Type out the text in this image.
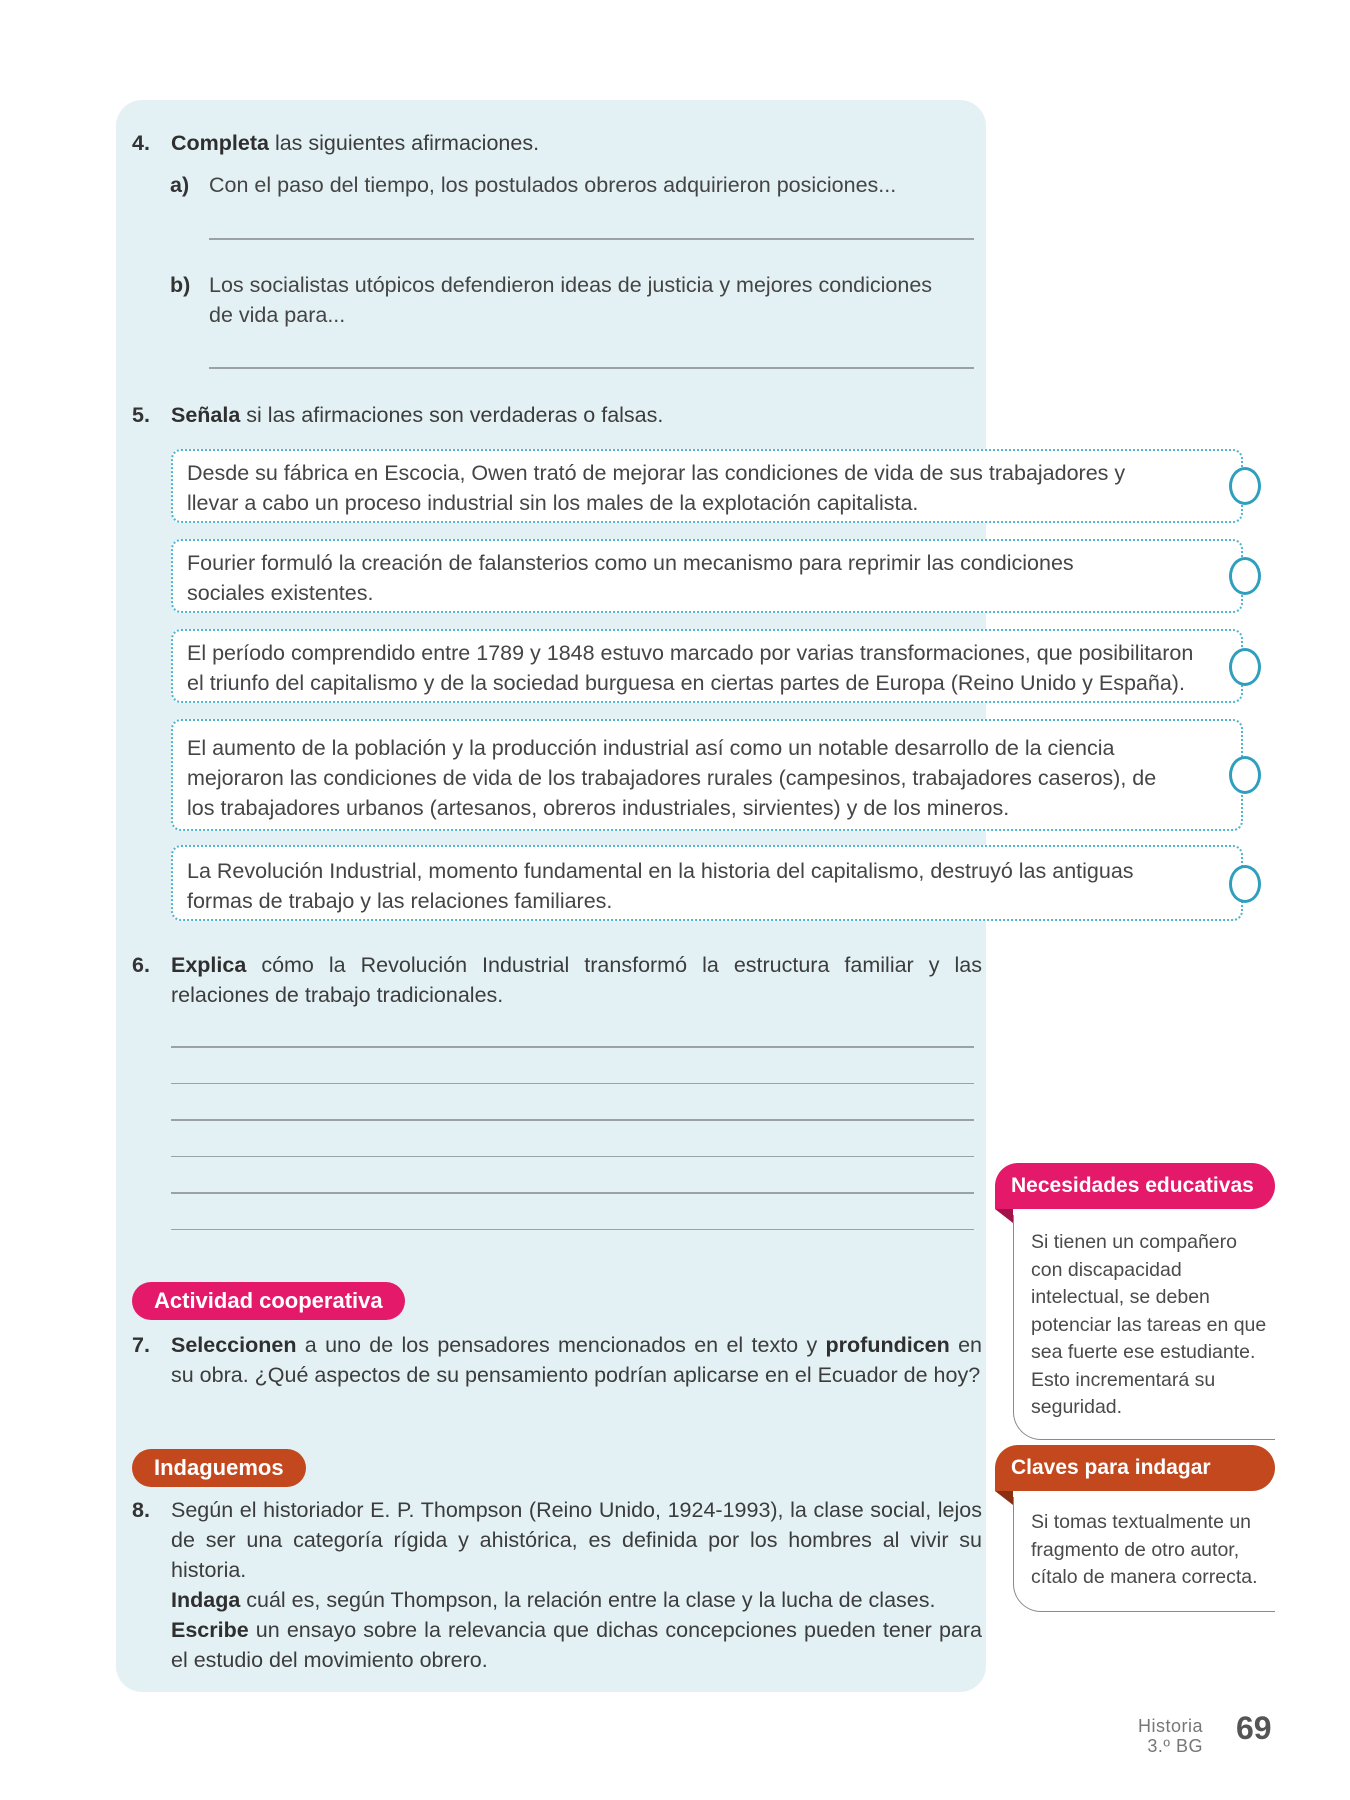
4. Completa las siguientes afirmaciones.
a) Con el paso del tiempo, los postulados obreros adquirieron posiciones...
b) Los socialistas utópicos defendieron ideas de justicia y mejores condiciones
de vida para...
5. Señala si las afirmaciones son verdaderas o falsas.
Desde su fábrica en Escocia, Owen trató de mejorar las condiciones de vida de sus trabajadores y
llevar a cabo un proceso industrial sin los males de la explotación capitalista.
Fourier formuló la creación de falansterios como un mecanismo para reprimir las condiciones
sociales existentes.
El período comprendido entre 1789 y 1848 estuvo marcado por varias transformaciones, que posibilitaron
el triunfo del capitalismo y de la sociedad burguesa en ciertas partes de Europa (Reino Unido y España).
El aumento de la población y la producción industrial así como un notable desarrollo de la ciencia
mejoraron las condiciones de vida de los trabajadores rurales (campesinos, trabajadores caseros), de
los trabajadores urbanos (artesanos, obreros industriales, sirvientes) y de los mineros.
La Revolución Industrial, momento fundamental en la historia del capitalismo, destruyó las antiguas
formas de trabajo y las relaciones familiares.
6. Explica cómo la Revolución Industrial transformó la estructura familiar y las relaciones de trabajo tradicionales.
Actividad cooperativa
7. Seleccionen a uno de los pensadores mencionados en el texto y profundicen en su obra. ¿Qué aspectos de su pensamiento podrían aplicarse en el Ecuador de hoy?
Indaguemos
8. Según el historiador E. P. Thompson (Reino Unido, 1924-1993), la clase social, lejos de ser una categoría rígida y ahistórica, es definida por los hombres al vivir su historia.
Indaga cuál es, según Thompson, la relación entre la clase y la lucha de clases.
Escribe un ensayo sobre la relevancia que dichas concepciones pueden tener para el estudio del movimiento obrero.
Necesidades educativas
Si tienen un compañero
con discapacidad
intelectual, se deben
potenciar las tareas en que
sea fuerte ese estudiante.
Esto incrementará su
seguridad.
Claves para indagar
Si tomas textualmente un
fragmento de otro autor,
cítalo de manera correcta.
Historia
3.º BG 69
